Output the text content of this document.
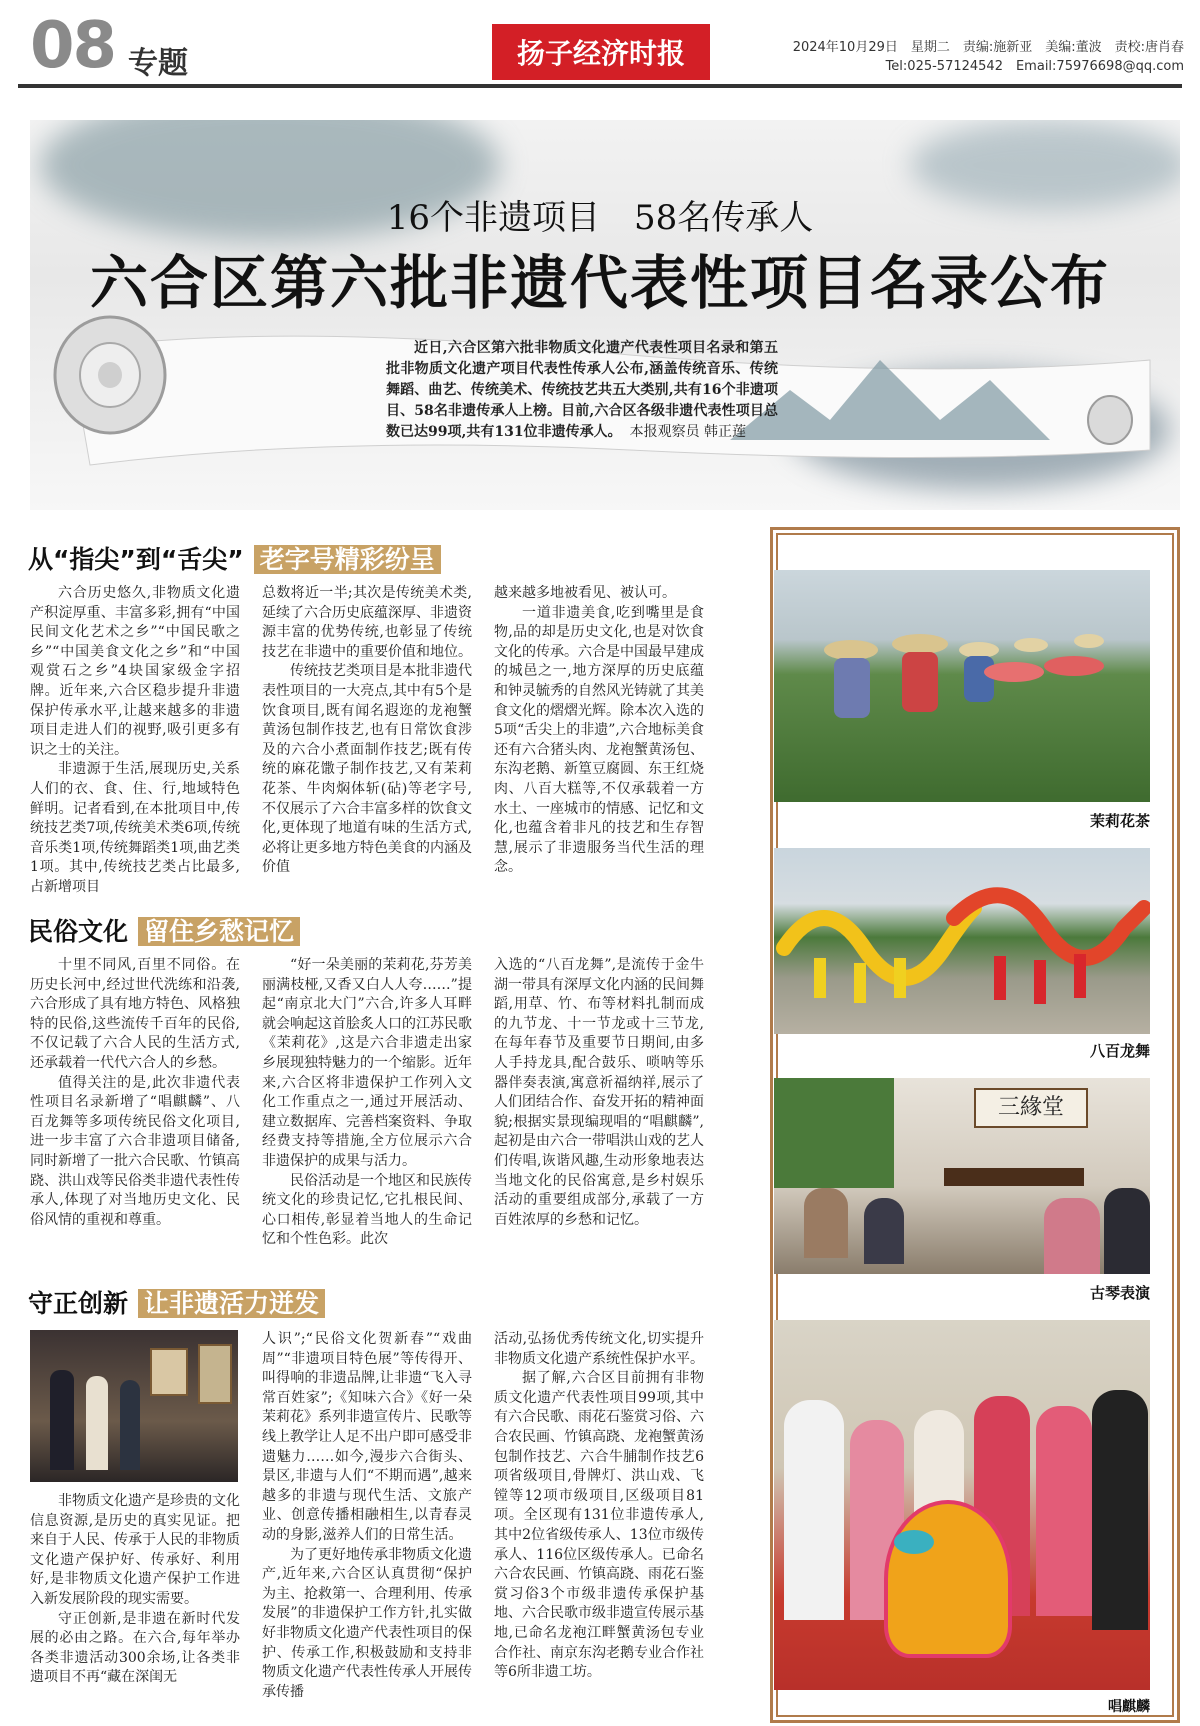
08 专题	扬子经济时报	2024年10月29日　星期二　责编:施新亚　美编:董波　责校:唐肖春
Tel:025-57124542　Email:75976698@qq.com
16个非遗项目　58名传承人
六合区第六批非遗代表性项目名录公布
近日,六合区第六批非物质文化遗产代表性项目名录和第五批非物质文化遗产项目代表性传承人公布,涵盖传统音乐、传统舞蹈、曲艺、传统美术、传统技艺共五大类别,共有16个非遗项目、58名非遗传承人上榜。目前,六合区各级非遗代表性项目总数已达99项,共有131位非遗传承人。 本报观察员 韩正莲
从“指尖”到“舌尖” 老字号精彩纷呈

六合历史悠久,非物质文化遗产积淀厚重、丰富多彩,拥有“中国民间文化艺术之乡”“中国民歌之乡”“中国美食文化之乡”和“中国观赏石之乡”4块国家级金字招牌。近年来,六合区稳步提升非遗保护传承水平,让越来越多的非遗项目走进人们的视野,吸引更多有识之士的关注。

非遗源于生活,展现历史,关系人们的衣、食、住、行,地域特色鲜明。记者看到,在本批项目中,传统技艺类7项,传统美术类6项,传统音乐类1项,传统舞蹈类1项,曲艺类1项。其中,传统技艺类占比最多,占新增项目

总数将近一半;其次是传统美术类,延续了六合历史底蕴深厚、非遗资源丰富的优势传统,也彰显了传统技艺在非遗中的重要价值和地位。

传统技艺类项目是本批非遗代表性项目的一大亮点,其中有5个是饮食项目,既有闻名遐迩的龙袍蟹黄汤包制作技艺,也有日常饮食涉及的六合小煮面制作技艺;既有传统的麻花馓子制作技艺,又有茉莉花茶、牛肉焖体斩(砧)等老字号,不仅展示了六合丰富多样的饮食文化,更体现了地道有味的生活方式,必将让更多地方特色美食的内涵及价值

越来越多地被看见、被认可。

一道非遗美食,吃到嘴里是食物,品的却是历史文化,也是对饮食文化的传承。六合是中国最早建成的城邑之一,地方深厚的历史底蕴和钟灵毓秀的自然风光铸就了其美食文化的熠熠光辉。除本次入选的5项“舌尖上的非遗”,六合地标美食还有六合猪头肉、龙袍蟹黄汤包、东沟老鹅、新篁豆腐圆、东王红烧肉、八百大糕等,不仅承载着一方水土、一座城市的情感、记忆和文化,也蕴含着非凡的技艺和生存智慧,展示了非遗服务当代生活的理念。

民俗文化 留住乡愁记忆

十里不同风,百里不同俗。在历史长河中,经过世代洗练和沿袭,六合形成了具有地方特色、风格独特的民俗,这些流传千百年的民俗,不仅记载了六合人民的生活方式,还承载着一代代六合人的乡愁。

值得关注的是,此次非遗代表性项目名录新增了“唱麒麟”、八百龙舞等多项传统民俗文化项目,进一步丰富了六合非遗项目储备,同时新增了一批六合民歌、竹镇高跷、洪山戏等民俗类非遗代表性传承人,体现了对当地历史文化、民俗风情的重视和尊重。

“好一朵美丽的茉莉花,芬芳美丽满枝桠,又香又白人人夸……”提起“南京北大门”六合,许多人耳畔就会响起这首脍炙人口的江苏民歌《茉莉花》,这是六合非遗走出家乡展现独特魅力的一个缩影。近年来,六合区将非遗保护工作列入文化工作重点之一,通过开展活动、建立数据库、完善档案资料、争取经费支持等措施,全方位展示六合非遗保护的成果与活力。

民俗活动是一个地区和民族传统文化的珍贵记忆,它扎根民间、心口相传,彰显着当地人的生命记忆和个性色彩。此次

入选的“八百龙舞”,是流传于金牛湖一带具有深厚文化内涵的民间舞蹈,用草、竹、布等材料扎制而成的九节龙、十一节龙或十三节龙,在每年春节及重要节日期间,由多人手持龙具,配合鼓乐、唢呐等乐器伴奏表演,寓意祈福纳祥,展示了人们团结合作、奋发开拓的精神面貌;根据实景现编现唱的“唱麒麟”,起初是由六合一带唱洪山戏的艺人们传唱,诙谐风趣,生动形象地表达当地文化的民俗寓意,是乡村娱乐活动的重要组成部分,承载了一方百姓浓厚的乡愁和记忆。

守正创新 让非遗活力迸发

非物质文化遗产是珍贵的文化信息资源,是历史的真实见证。把来自于人民、传承于人民的非物质文化遗产保护好、传承好、利用好,是非物质文化遗产保护工作进入新发展阶段的现实需要。

守正创新,是非遗在新时代发展的必由之路。在六合,每年举办各类非遗活动300余场,让各类非遗项目不再“藏在深闺无

人识”;“民俗文化贺新春”“戏曲周”“非遗项目特色展”等传得开、叫得响的非遗品牌,让非遗“飞入寻常百姓家”;《知味六合》《好一朵茉莉花》系列非遗宣传片、民歌等线上教学让人足不出户即可感受非遗魅力……如今,漫步六合街头、景区,非遗与人们“不期而遇”,越来越多的非遗与现代生活、文旅产业、创意传播相融相生,以青春灵动的身影,滋养人们的日常生活。

为了更好地传承非物质文化遗产,近年来,六合区认真贯彻“保护为主、抢救第一、合理利用、传承发展”的非遗保护工作方针,扎实做好非物质文化遗产代表性项目的保护、传承工作,积极鼓励和支持非物质文化遗产代表性传承人开展传承传播

活动,弘扬优秀传统文化,切实提升非物质文化遗产系统性保护水平。

据了解,六合区目前拥有非物质文化遗产代表性项目99项,其中有六合民歌、雨花石鉴赏习俗、六合农民画、竹镇高跷、龙袍蟹黄汤包制作技艺、六合牛脯制作技艺6项省级项目,骨牌灯、洪山戏、飞镗等12项市级项目,区级项目81项。全区现有131位非遗传承人,其中2位省级传承人、13位市级传承人、116位区级传承人。已命名六合农民画、竹镇高跷、雨花石鉴赏习俗3个市级非遗传承保护基地、六合民歌市级非遗宣传展示基地,已命名龙袍江畔蟹黄汤包专业合作社、南京东沟老鹅专业合作社等6所非遗工坊。

茉莉花茶
八百龙舞
三緣堂
古琴表演
唱麒麟
